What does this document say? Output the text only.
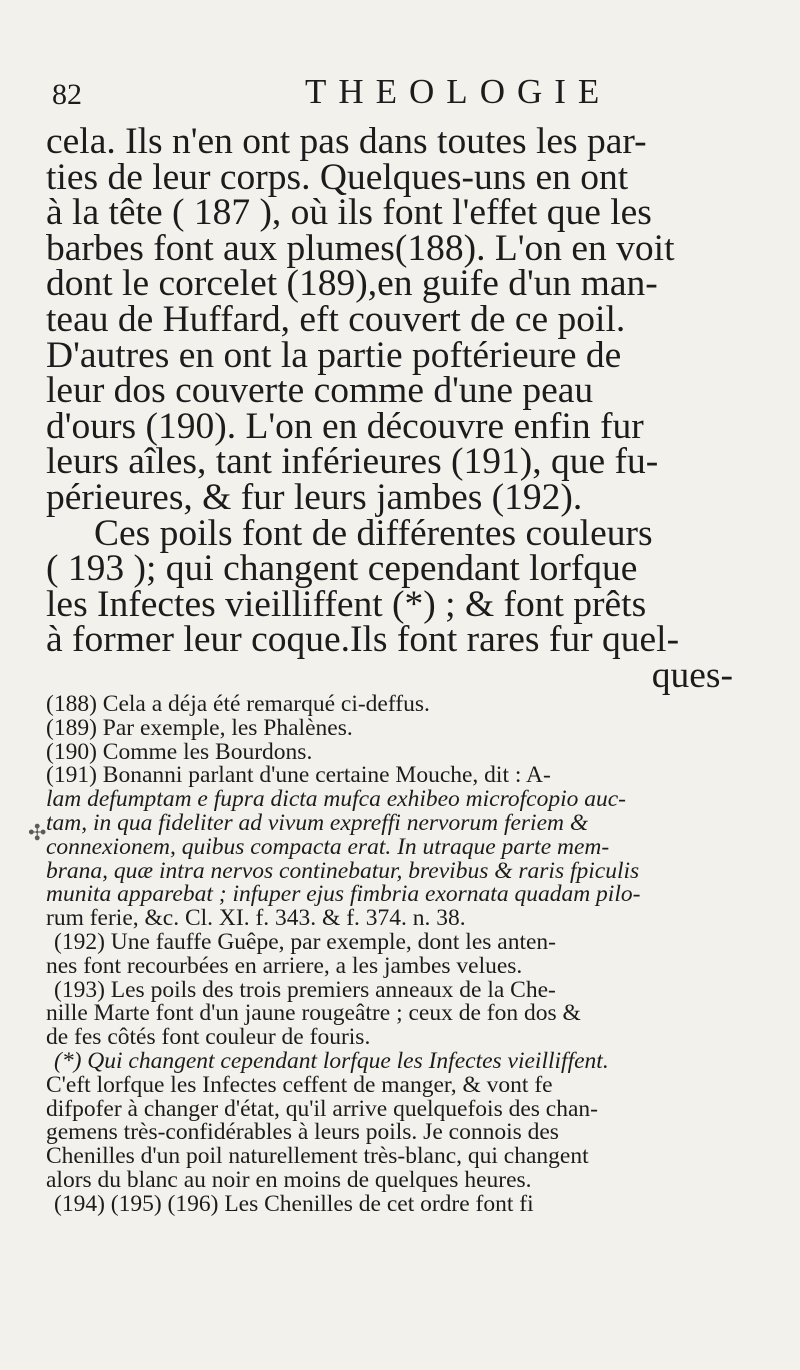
82	THEOLOGIE
cela. Ils n'en ont pas dans toutes les par-
ties de leur corps. Quelques-uns en ont
à la tête ( 187 ), où ils font l'effet que les
barbes font aux plumes(188). L'on en voit
dont le corcelet (189),en guife d'un man-
teau de Huffard, eft couvert de ce poil.
D'autres en ont la partie poftérieure de
leur dos couverte comme d'une peau
d'ours (190). L'on en découvre enfin fur
leurs aîles, tant inférieures (191), que fu-
périeures, & fur leurs jambes (192).
Ces poils font de différentes couleurs
( 193 ); qui changent cependant lorfque
les Infectes vieilliffent (*) ; & font prêts
à former leur coque.Ils font rares fur quel-
ques-
(188) Cela a déja été remarqué ci-deffus.
(189) Par exemple, les Phalènes.
(190) Comme les Bourdons.
(191) Bonanni parlant d'une certaine Mouche, dit : A-
lam defumptam e fupra dicta mufca exhibeo microfcopio auc-
tam, in qua fideliter ad vivum expreffi nervorum feriem &
connexionem, quibus compacta erat. In utraque parte mem-
brana, quæ intra nervos continebatur, brevibus & raris fpiculis
munita apparebat ; infuper ejus fimbria exornata quadam pilo-
rum ferie, &c. Cl. XI. f. 343. & f. 374. n. 38.
(192) Une fauffe Guêpe, par exemple, dont les anten-
nes font recourbées en arriere, a les jambes velues.
(193) Les poils des trois premiers anneaux de la Che-
nille Marte font d'un jaune rougeâtre ; ceux de fon dos &
de fes côtés font couleur de fouris.
(*) Qui changent cependant lorfque les Infectes vieilliffent.
C'eft lorfque les Infectes ceffent de manger, & vont fe
difpofer à changer d'état, qu'il arrive quelquefois des chan-
gemens très-confidérables à leurs poils. Je connois des
Chenilles d'un poil naturellement très-blanc, qui changent
alors du blanc au noir en moins de quelques heures.
(194) (195) (196) Les Chenilles de cet ordre font fi
✣
